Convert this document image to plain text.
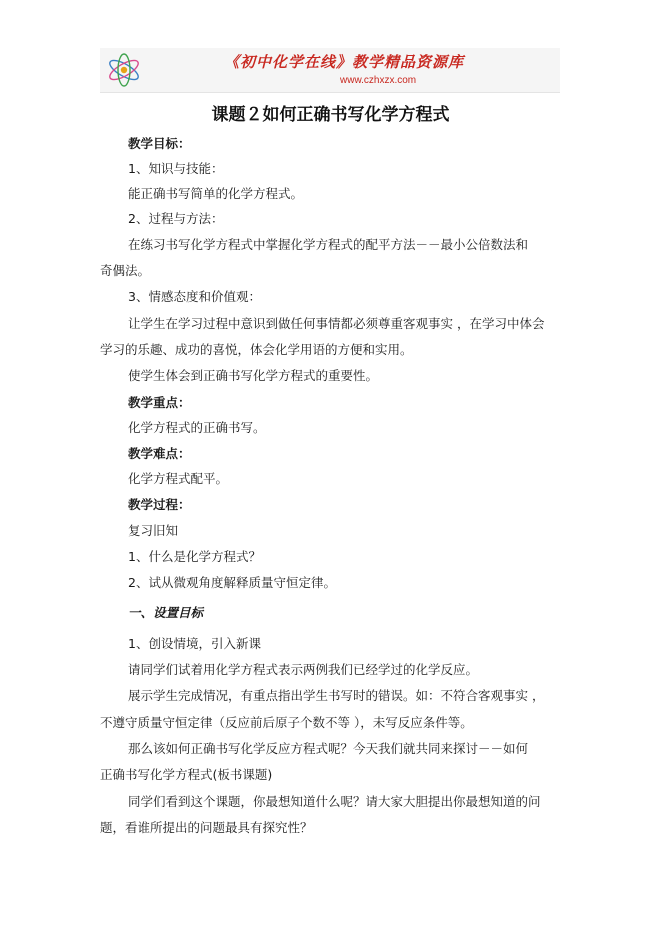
《初中化学在线》教学精品资源库
www.czhxzx.com
课题２如何正确书写化学方程式
教学目标：
1、知识与技能：
能正确书写简单的化学方程式。
2、过程与方法：
在练习书写化学方程式中掌握化学方程式的配平方法－－最小公倍数法和
奇偶法。
3、情感态度和价值观：
让学生在学习过程中意识到做任何事情都必须尊重客观事实 ，在学习中体会
学习的乐趣、成功的喜悦，体会化学用语的方便和实用。
使学生体会到正确书写化学方程式的重要性。
教学重点：
化学方程式的正确书写。
教学难点：
化学方程式配平。
教学过程：
复习旧知
1、什么是化学方程式？
2、试从微观角度解释质量守恒定律。
一、设置目标
1、创设情境，引入新课
请同学们试着用化学方程式表示两例我们已经学过的化学反应。
展示学生完成情况，有重点指出学生书写时的错误。如：不符合客观事实 ，
不遵守质量守恒定律（反应前后原子个数不等 ），未写反应条件等。
那么该如何正确书写化学反应方程式呢？今天我们就共同来探讨－－如何
正确书写化学方程式(板书课题)
同学们看到这个课题，你最想知道什么呢？请大家大胆提出你最想知道的问
题，看谁所提出的问题最具有探究性？
